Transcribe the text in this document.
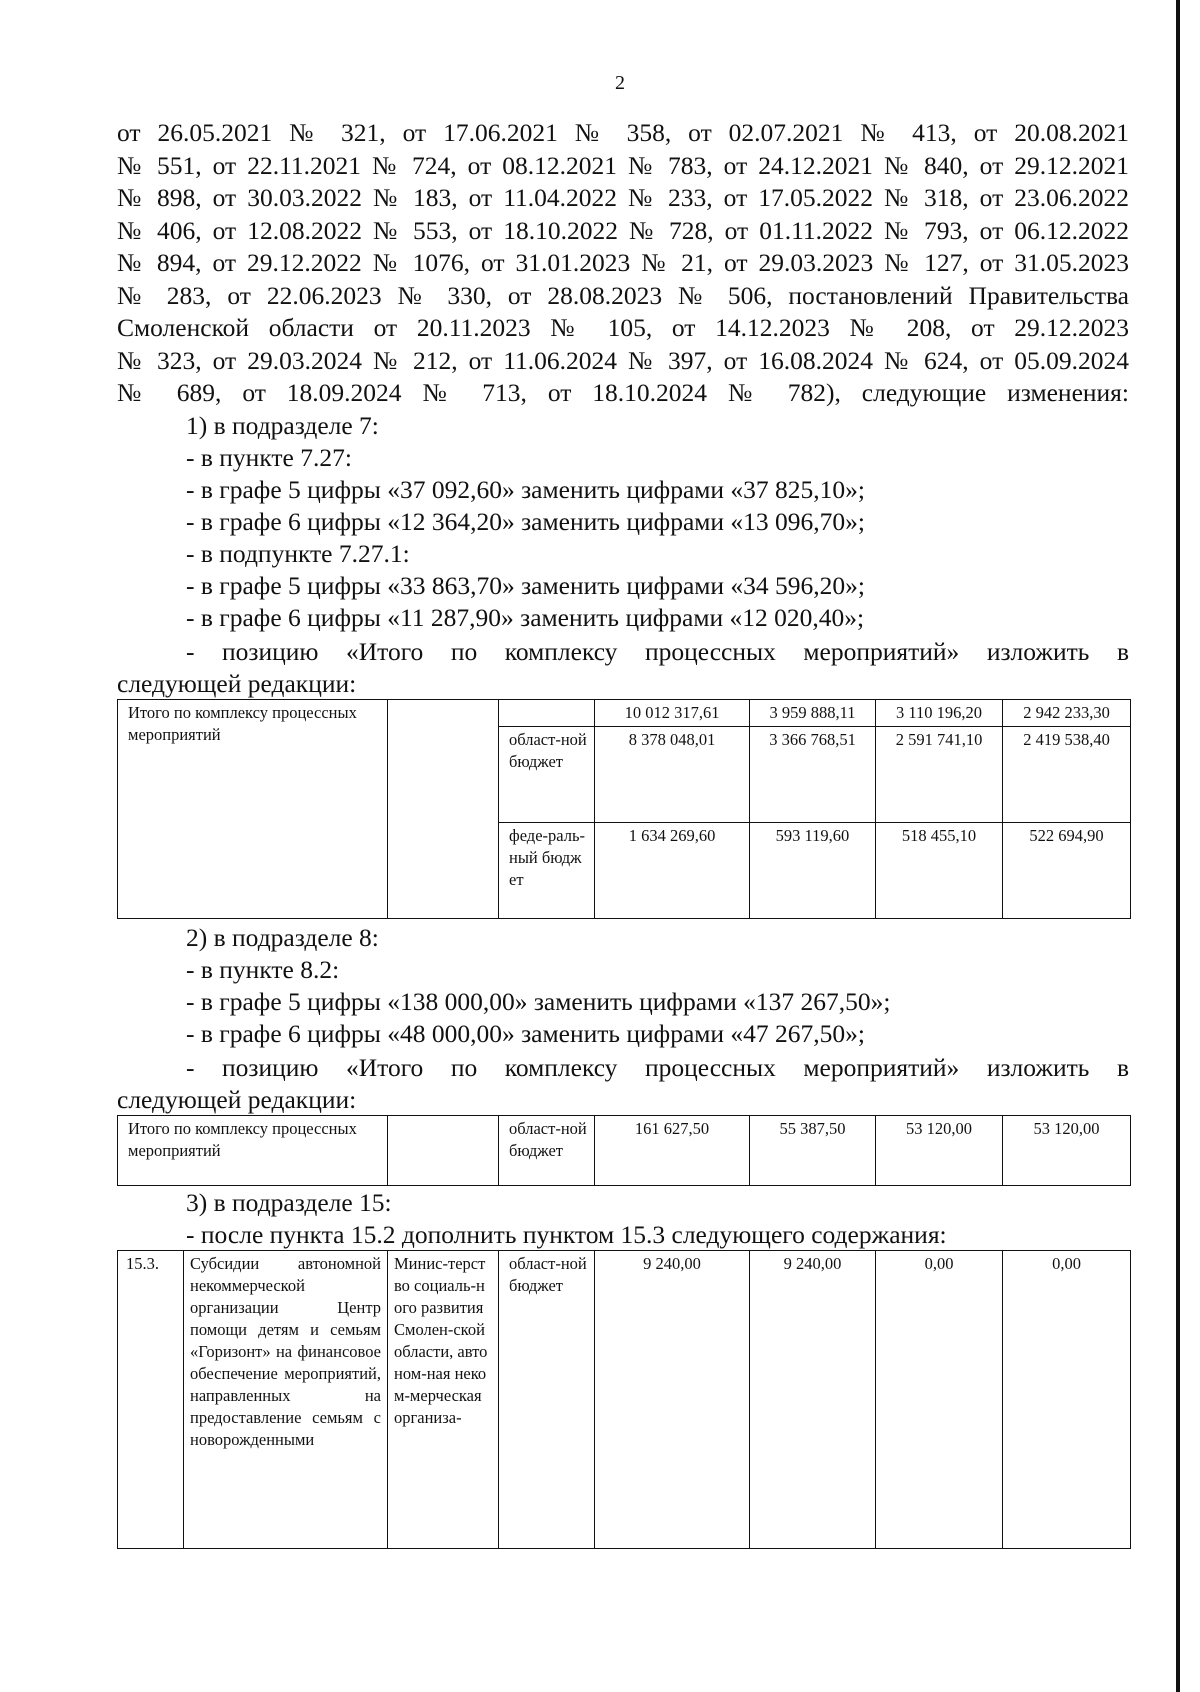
2
от 26.05.2021 № 321, от 17.06.2021 № 358, от 02.07.2021 № 413, от 20.08.2021
№ 551, от 22.11.2021 № 724, от 08.12.2021 № 783, от 24.12.2021 № 840, от 29.12.2021
№ 898, от 30.03.2022 № 183, от 11.04.2022 № 233, от 17.05.2022 № 318, от 23.06.2022
№ 406, от 12.08.2022 № 553, от 18.10.2022 № 728, от 01.11.2022 № 793, от 06.12.2022
№ 894, от 29.12.2022 № 1076, от 31.01.2023 № 21, от 29.03.2023 № 127, от 31.05.2023
№ 283, от 22.06.2023 № 330, от 28.08.2023 № 506, постановлений Правительства
Смоленской области от 20.11.2023 № 105, от 14.12.2023 № 208, от 29.12.2023
№ 323, от 29.03.2024 № 212, от 11.06.2024 № 397, от 16.08.2024 № 624, от 05.09.2024
№ 689, от 18.09.2024 № 713, от 18.10.2024 № 782), следующие изменения:
1) в подразделе 7:
- в пункте 7.27:
- в графе 5 цифры «37 092,60» заменить цифрами «37 825,10»;
- в графе 6 цифры «12 364,20» заменить цифрами «13 096,70»;
- в подпункте 7.27.1:
- в графе 5 цифры «33 863,70» заменить цифрами «34 596,20»;
- в графе 6 цифры «11 287,90» заменить цифрами «12 020,40»;
- позицию «Итого по комплексу процессных мероприятий» изложить в
следующей редакции:
Итого по комплексу процессных мероприятий			10 012 317,61	3 959 888,11	3 110 196,20	2 942 233,30
		област-ной бюджет	8 378 048,01	3 366 768,51	2 591 741,10	2 419 538,40
		феде-раль-ный бюджет	1 634 269,60	593 119,60	518 455,10	522 694,90
2) в подразделе 8:
- в пункте 8.2:
- в графе 5 цифры «138 000,00» заменить цифрами «137 267,50»;
- в графе 6 цифры «48 000,00» заменить цифрами «47 267,50»;
- позицию «Итого по комплексу процессных мероприятий» изложить в
следующей редакции:
Итого по комплексу процессных мероприятий		област-ной бюджет	161 627,50	55 387,50	53 120,00	53 120,00
3) в подразделе 15:
- после пункта 15.2 дополнить пунктом 15.3 следующего содержания:
15.3.	Субсидии автономной некоммерческой организации Центр помощи детям и семьям «Горизонт» на финансовое обеспечение мероприятий, направленных на предоставление семьям с новорожденными	Минис-терство социаль-ного развития Смолен-ской области, автоном-ная неком-мерческая организа-	област-ной бюджет	9 240,00	9 240,00	0,00	0,00
